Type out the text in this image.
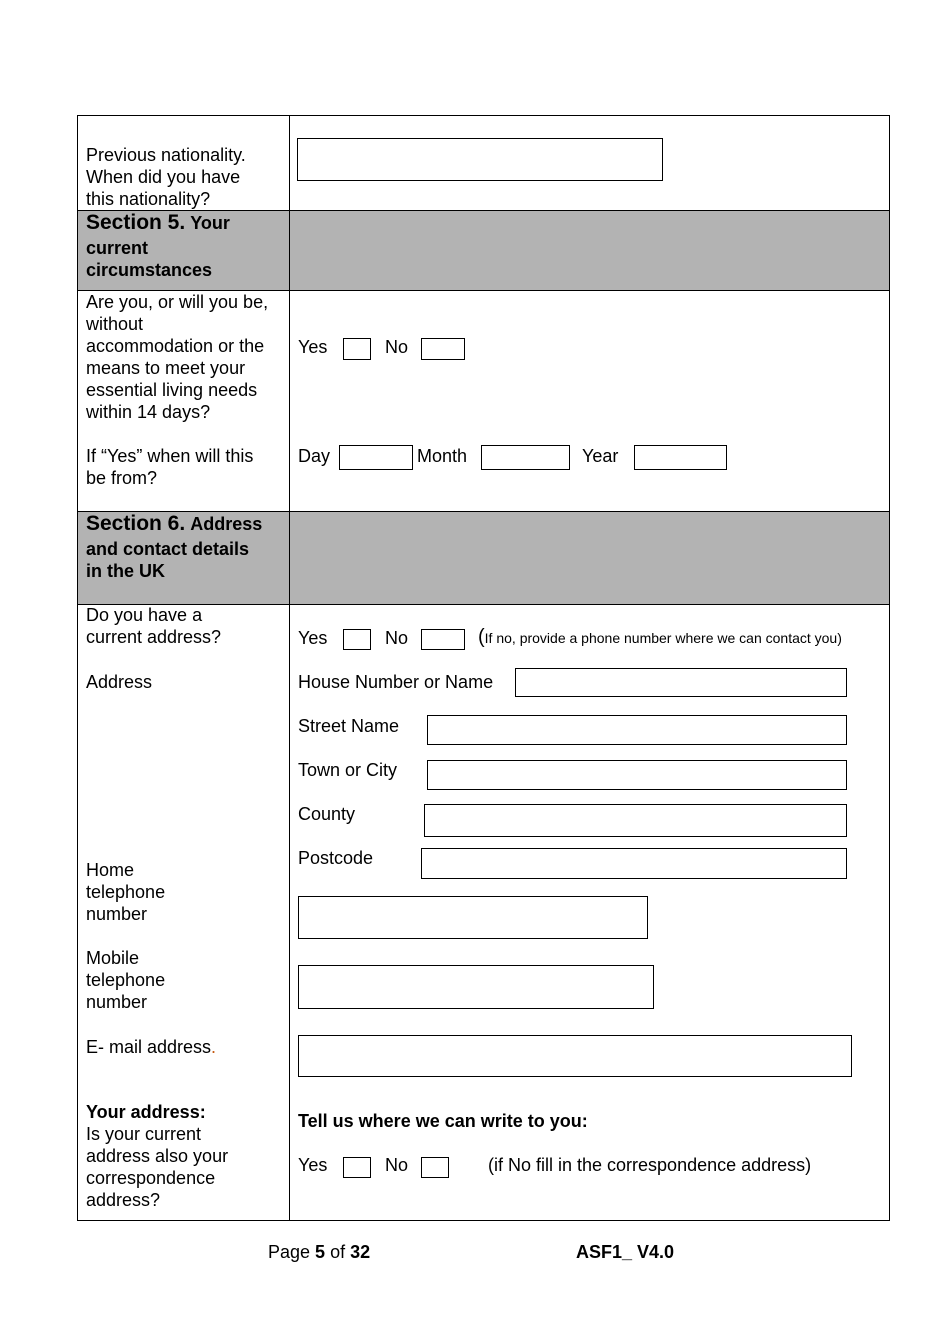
Previous nationality.
When did you have
this nationality?
Section 5. Your
current
circumstances
Are you, or will you be,
without
accommodation or the
means to meet your
essential living needs
within 14 days?
Yes	No
If “Yes” when will this
be from?
Day	Month	Year
Section 6. Address
and contact details
in the UK
Do you have a
current address?	Yes	No	(If no, provide a phone number where we can contact you)
Address	House Number or Name
Street Name
Town or City
County
Postcode
Home
telephone
number
Mobile
telephone
number
E- mail address.
Your address:
Is your current
address also your
correspondence
address?
Tell us where we can write to you:
Yes	No	(if No fill in the correspondence address)
Page 5 of 32	ASF1_ V4.0
